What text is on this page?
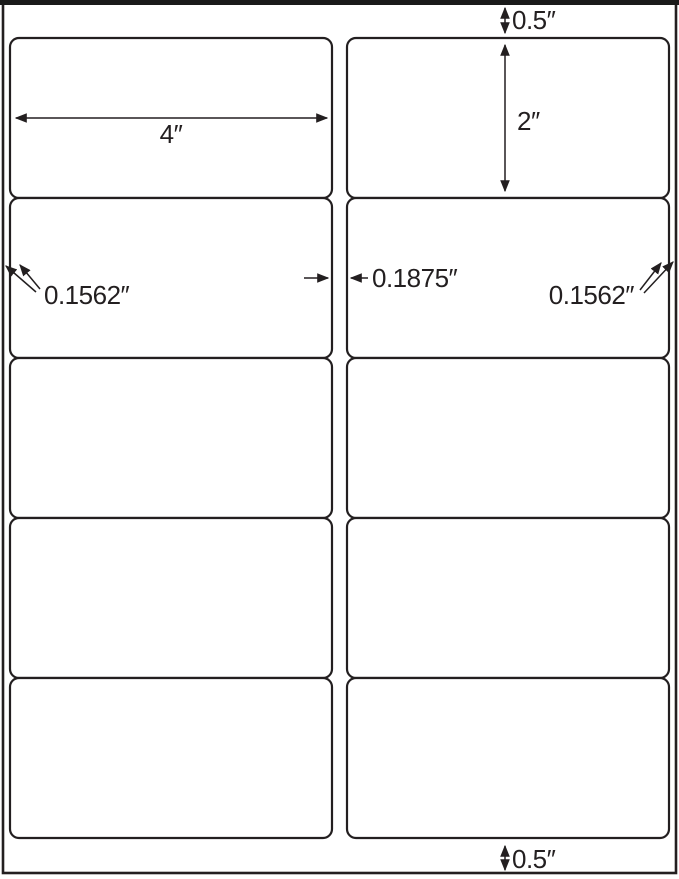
0.5″
2″
4″
0.1562″
0.1875″
0.1562″
0.5″
